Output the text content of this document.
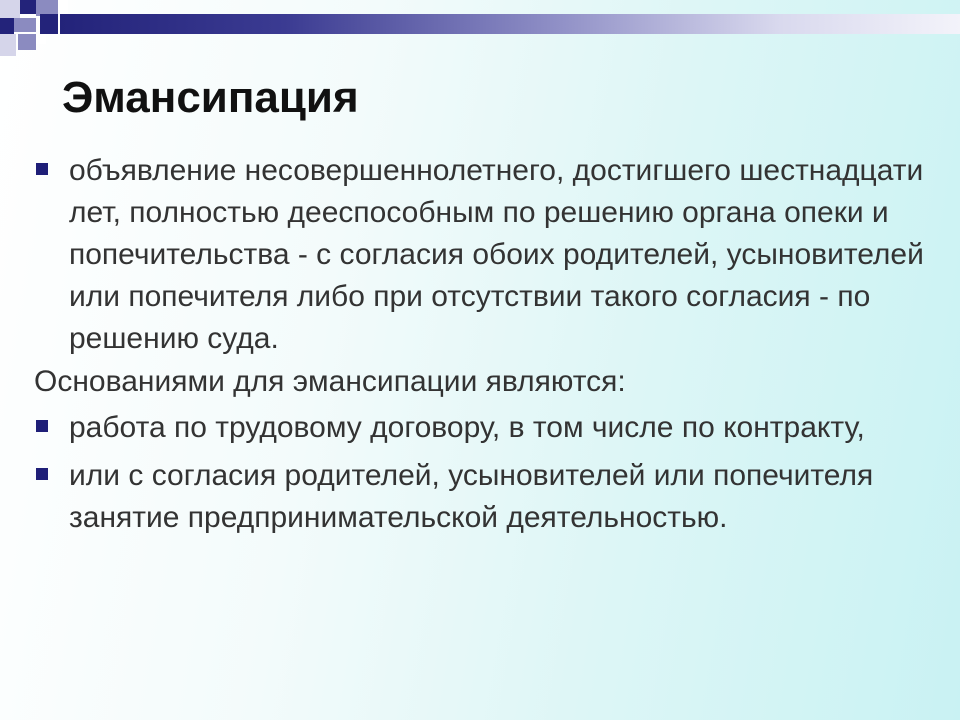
Эмансипация
объявление несовершеннолетнего, достигшего шестнадцати лет, полностью дееспособным по решению органа опеки и попечительства - с согласия обоих родителей, усыновителей или попечителя либо при отсутствии такого согласия - по решению суда.
Основаниями для эмансипации являются:
работа по трудовому договору, в том числе по контракту,
или с согласия родителей, усыновителей или попечителя занятие предпринимательской деятельностью.
